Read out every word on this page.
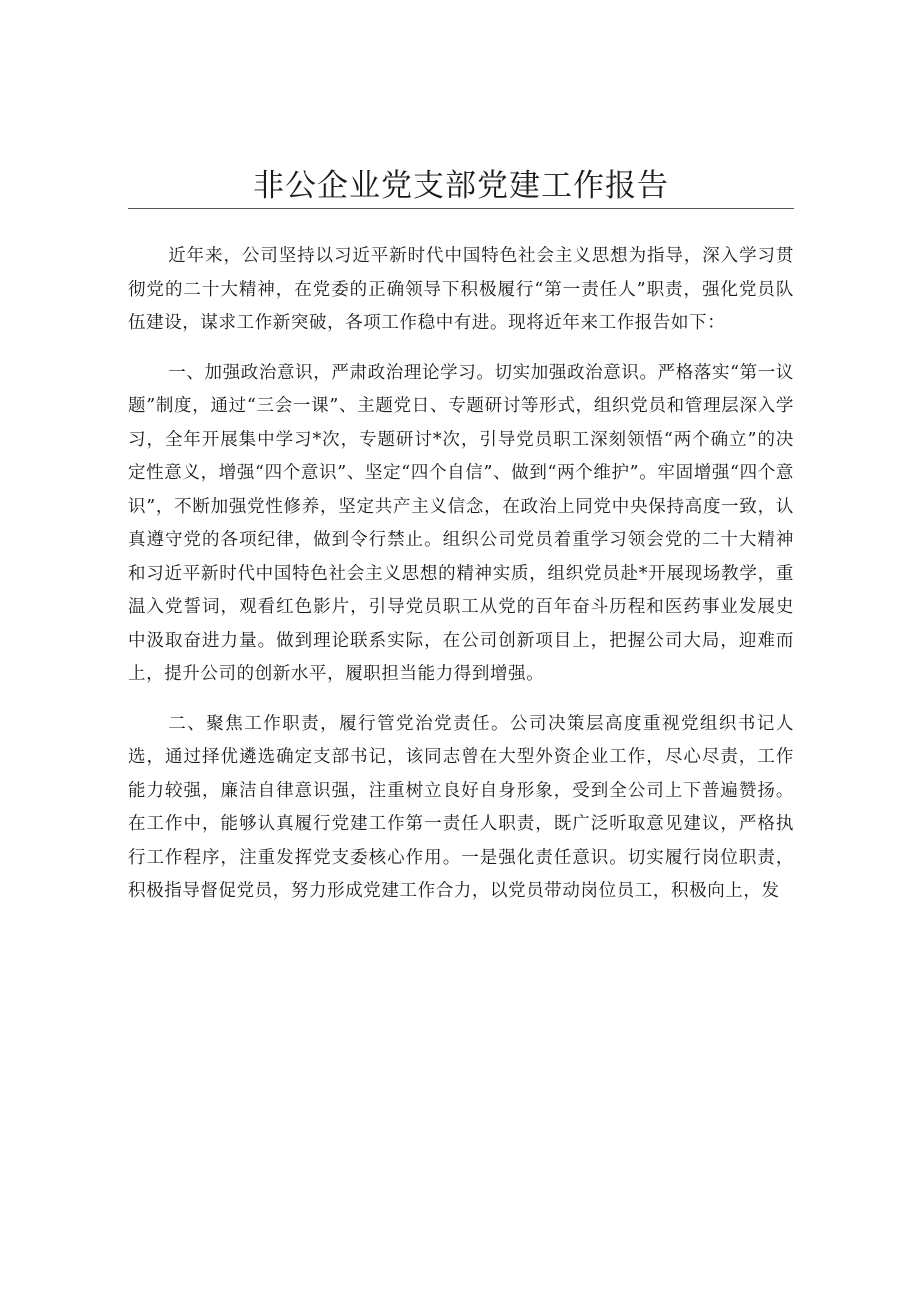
非公企业党支部党建工作报告

近年来，公司坚持以习近平新时代中国特色社会主义思想为指导，深入学习贯彻党的二十大精神，在党委的正确领导下积极履行“第一责任人”职责，强化党员队伍建设，谋求工作新突破，各项工作稳中有进。现将近年来工作报告如下：

一、加强政治意识，严肃政治理论学习。切实加强政治意识。严格落实“第一议题”制度，通过“三会一课”、主题党日、专题研讨等形式，组织党员和管理层深入学习，全年开展集中学习*次，专题研讨*次，引导党员职工深刻领悟“两个确立”的决定性意义，增强“四个意识”、坚定“四个自信”、做到“两个维护”。牢固增强“四个意识”，不断加强党性修养，坚定共产主义信念，在政治上同党中央保持高度一致，认真遵守党的各项纪律，做到令行禁止。组织公司党员着重学习领会党的二十大精神和习近平新时代中国特色社会主义思想的精神实质，组织党员赴*开展现场教学，重温入党誓词，观看红色影片，引导党员职工从党的百年奋斗历程和医药事业发展史中汲取奋进力量。做到理论联系实际，在公司创新项目上，把握公司大局，迎难而上，提升公司的创新水平，履职担当能力得到增强。

二、聚焦工作职责，履行管党治党责任。公司决策层高度重视党组织书记人选，通过择优遴选确定支部书记，该同志曾在大型外资企业工作，尽心尽责，工作能力较强，廉洁自律意识强，注重树立良好自身形象，受到全公司上下普遍赞扬。在工作中，能够认真履行党建工作第一责任人职责，既广泛听取意见建议，严格执行工作程序，注重发挥党支委核心作用。一是强化责任意识。切实履行岗位职责，积极指导督促党员，努力形成党建工作合力，以党员带动岗位员工，积极向上，发
